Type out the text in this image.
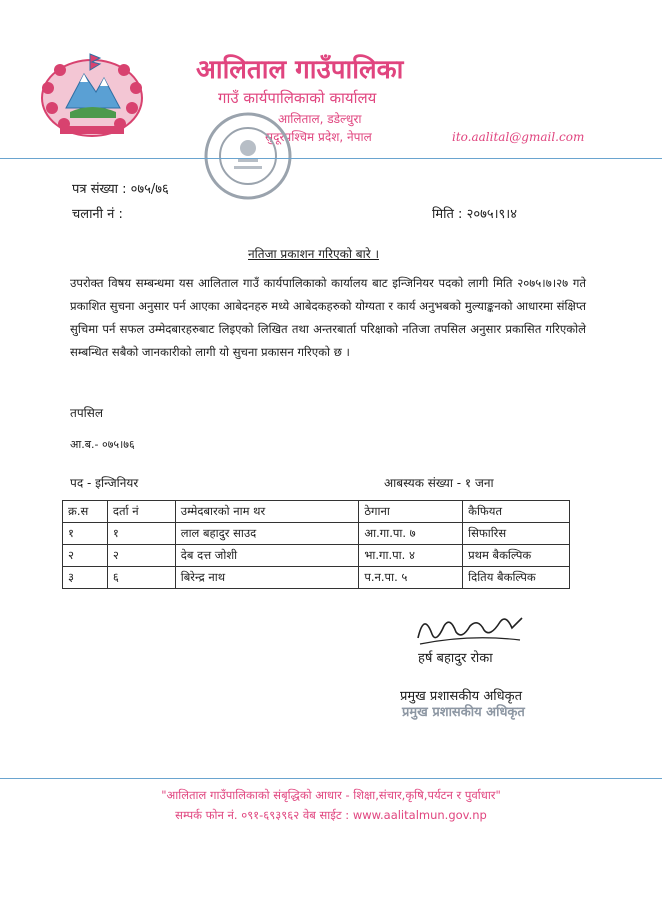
आलिताल गाउँपालिका
गाउँ कार्यपालिकाको कार्यालय
आलिताल, डडेल्धुरा
सुदूरपश्चिम प्रदेश, नेपाल	ito.aalital@gmail.com
पत्र संख्या : ०७५/७६
चलानी नं :	मिति : २०७५।९।४
नतिजा प्रकाशन गरिएको बारे ।
उपरोक्त विषय सम्बन्धमा यस आलिताल गाउँ कार्यपालिकाको कार्यालय बाट इन्जिनियर पदको लागी मिति २०७५।७।२७ गते प्रकाशित सुचना अनुसार पर्न आएका आबेदनहरु मध्ये आबेदकहरुको योग्यता र कार्य अनुभबको मुल्याङ्कनको आधारमा संक्षिप्त सुचिमा पर्न सफल उम्मेदबारहरुबाट लिइएको लिखित तथा अन्तरबार्ता परिक्षाको नतिजा तपसिल अनुसार प्रकासित गरिएकोले सम्बन्धित सबैको जानकारीको लागी यो सुचना प्रकासन गरिएको छ ।
तपसिल
आ.ब.- ०७५।७६
पद - इन्जिनियर	आबस्यक संख्या - १ जना
क्र.स	दर्ता नं	उम्मेदबारको नाम थर	ठेगाना	कैफियत
१	१	लाल बहादुर साउद	आ.गा.पा. ७	सिफारिस
२	२	देब दत्त जोशी	भा.गा.पा. ४	प्रथम बैकल्पिक
३	६	बिरेन्द्र नाथ	प.न.पा. ५	दितिय बैकल्पिक
हर्ष बहादुर रोका
प्रमुख प्रशासकीय अधिकृत
प्रमुख प्रशासकीय अधिकृत
"आलिताल गाउँपालिकाको संबृद्धिको आधार - शिक्षा,संचार,कृषि,पर्यटन र पुर्वाधार"
सम्पर्क फोन नं. ०९१-६९३९६२ वेब साईट : www.aalitalmun.gov.np
